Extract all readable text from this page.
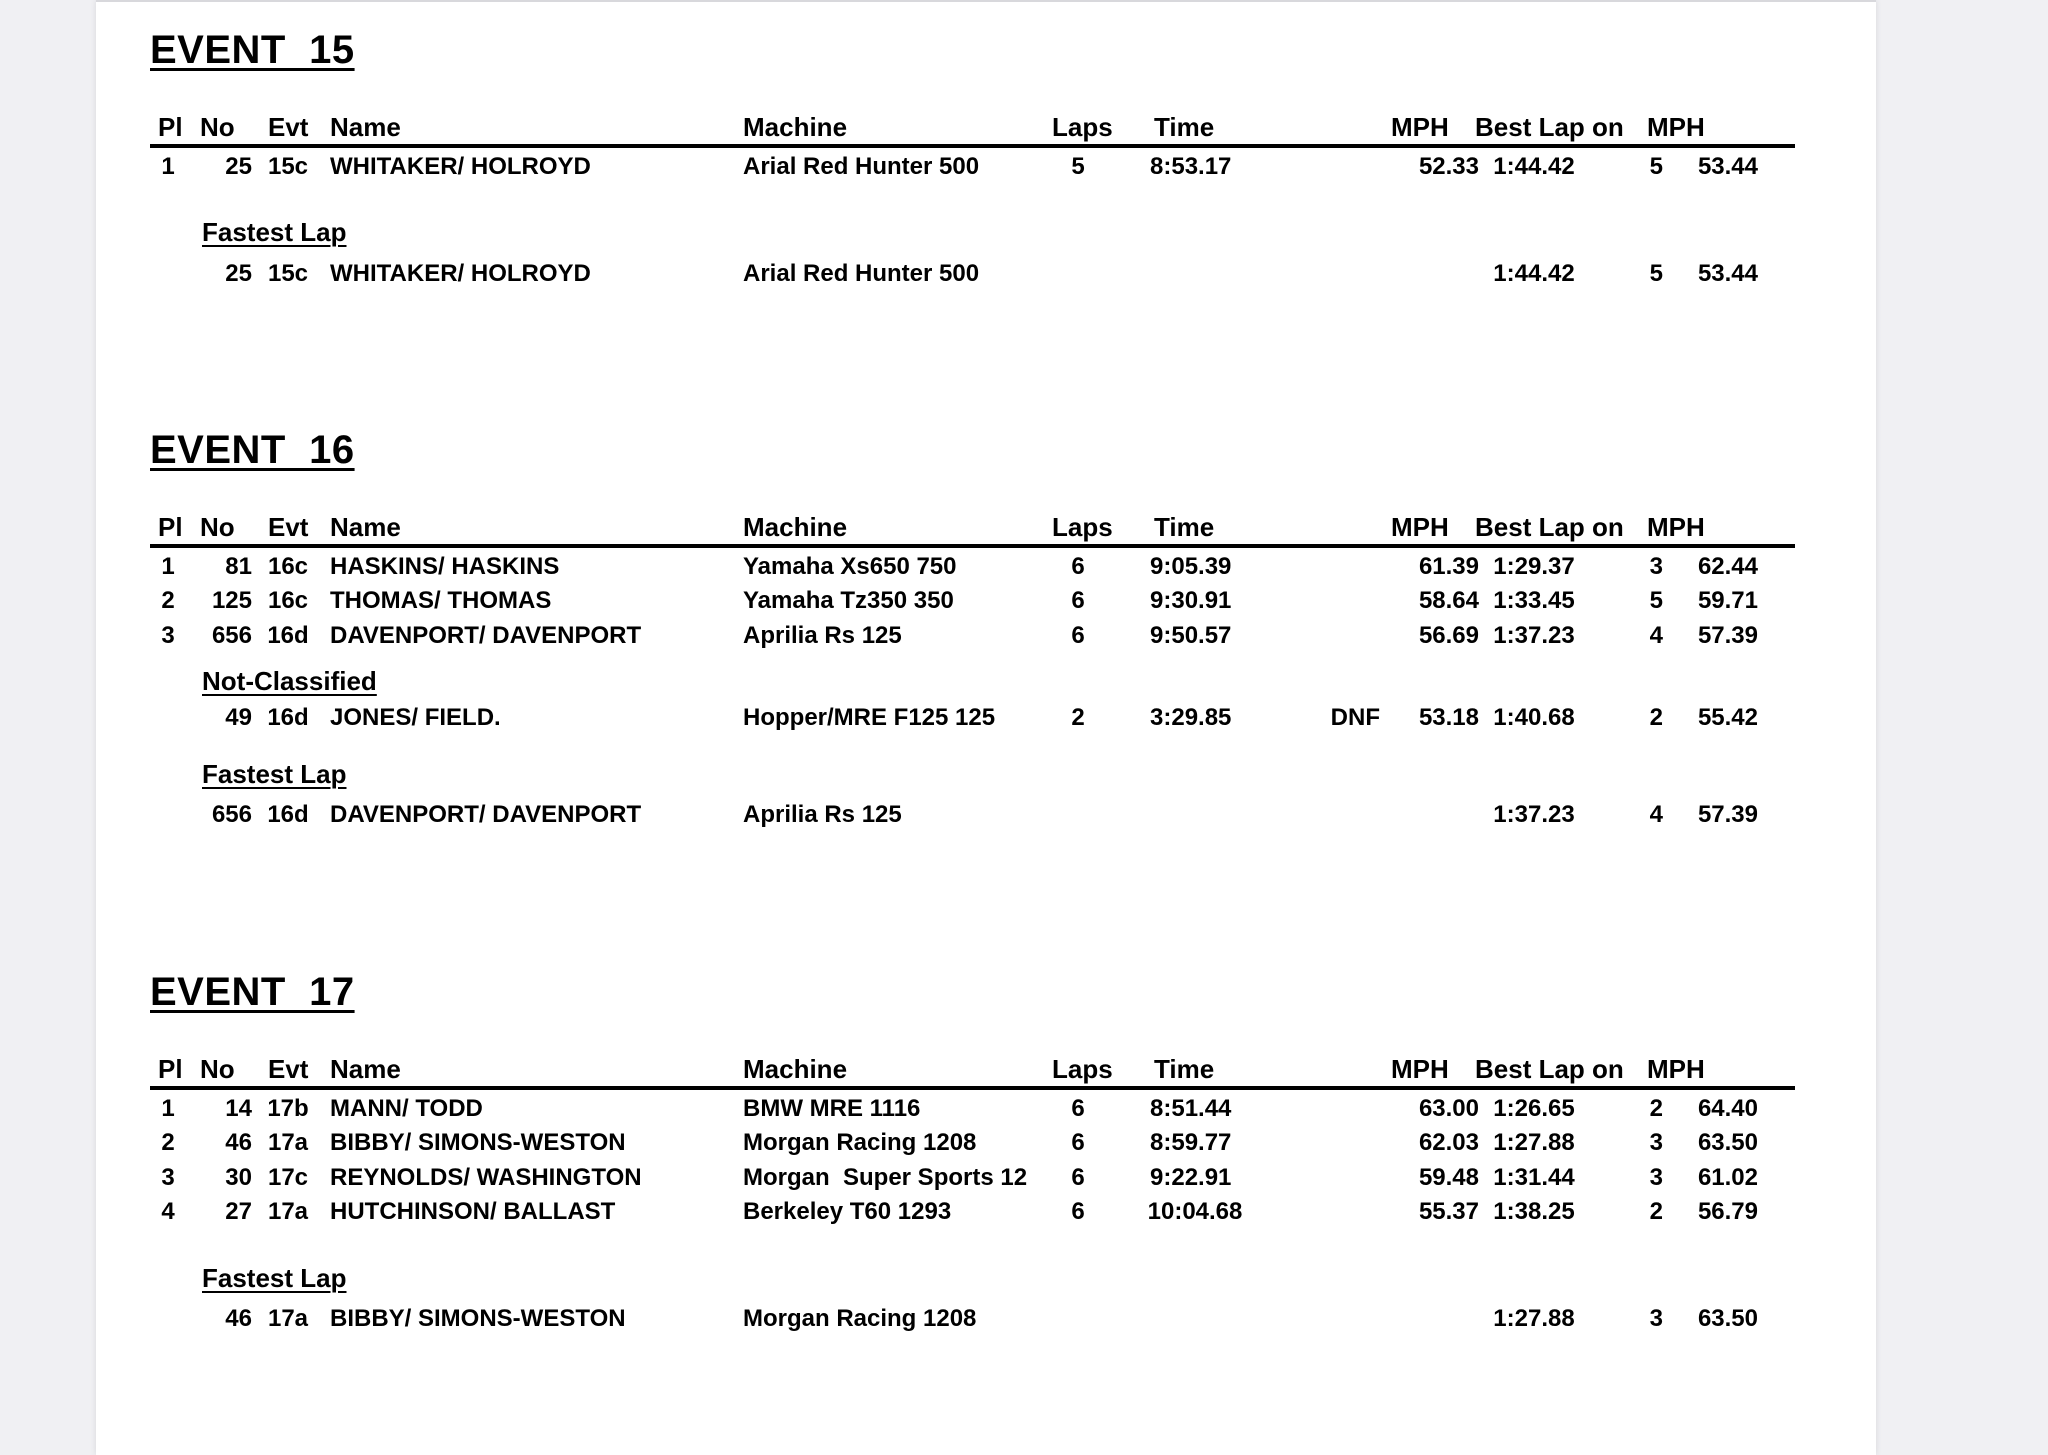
EVENT  15
Pl No	Evt Name	Machine	Laps Time	MPH Best Lap on MPH
1	25 15c WHITAKER/ HOLROYD	Arial Red Hunter 500	5	8:53.17	52.33 1:44.42	5	53.44
Fastest Lap
25 15c WHITAKER/ HOLROYD	Arial Red Hunter 500	1:44.42	5	53.44
EVENT  16
Pl No	Evt Name	Machine	Laps Time	MPH Best Lap on MPH
1	81 16c HASKINS/ HASKINS	Yamaha Xs650 750	6	9:05.39	61.39 1:29.37	3	62.44
2	125 16c THOMAS/ THOMAS	Yamaha Tz350 350	6	9:30.91	58.64 1:33.45	5	59.71
3	656 16d DAVENPORT/ DAVENPORT	Aprilia Rs 125	6	9:50.57	56.69 1:37.23	4	57.39
Not-Classified
49 16d JONES/ FIELD.	Hopper/MRE F125 125	2	3:29.85	DNF	53.18 1:40.68	2	55.42
Fastest Lap
656 16d DAVENPORT/ DAVENPORT	Aprilia Rs 125	1:37.23	4	57.39
EVENT  17
Pl No	Evt Name	Machine	Laps Time	MPH Best Lap on MPH
1	14 17b MANN/ TODD	BMW MRE 1116	6	8:51.44	63.00 1:26.65	2	64.40
2	46 17a BIBBY/ SIMONS-WESTON	Morgan Racing 1208	6	8:59.77	62.03 1:27.88	3	63.50
3	30 17c REYNOLDS/ WASHINGTON	Morgan  Super Sports 12	6	9:22.91	59.48 1:31.44	3	61.02
4	27 17a HUTCHINSON/ BALLAST	Berkeley T60 1293	6	10:04.68	55.37 1:38.25	2	56.79
Fastest Lap
46 17a BIBBY/ SIMONS-WESTON	Morgan Racing 1208	1:27.88	3	63.50
